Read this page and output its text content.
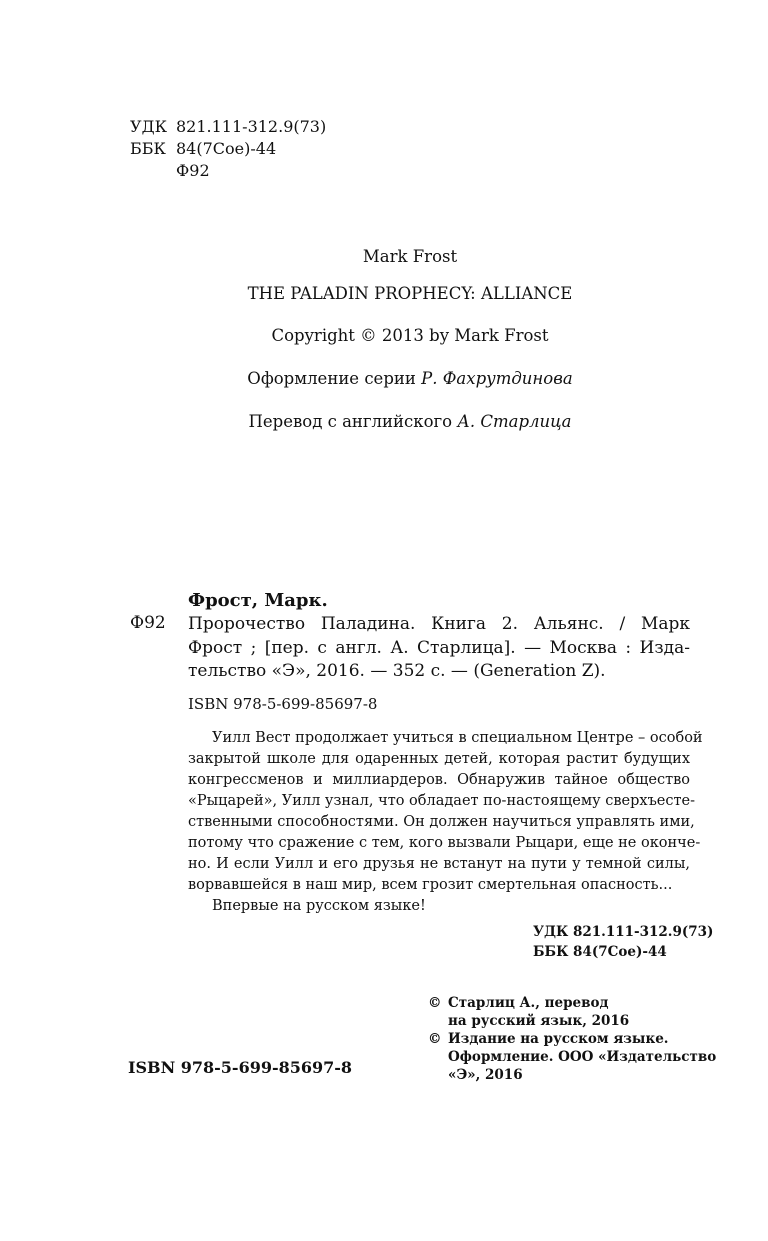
УДК 821.111-312.9(73)
ББК 84(7Сое)-44
Ф92
Mark Frost
THE PALADIN PROPHECY: ALLIANCE
Copyright © 2013 by Mark Frost
Оформление серии Р. Фахрутдинова
Перевод с английского А. Старлица
Фрост, Марк.
Ф92 Пророчество Паладина. Книга 2. Альянс. / Марк
Фрост ; [пер. с англ. А. Старлица]. — Москва : Изда-
тельство «Э», 2016. — 352 с. — (Generation Z).
ISBN 978-5-699-85697-8
Уилл Вест продолжает учиться в специальном Центре – особой
закрытой школе для одаренных детей, которая растит будущих
конгрессменов и миллиардеров. Обнаружив тайное общество
«Рыцарей», Уилл узнал, что обладает по-настоящему сверхъесте-
ственными способностями. Он должен научиться управлять ими,
потому что сражение с тем, кого вызвали Рыцари, еще не оконче-
но. И если Уилл и его друзья не встанут на пути у темной силы,
ворвавшейся в наш мир, всем грозит смертельная опасность...
Впервые на русском языке!
УДК 821.111-312.9(73)
ББК 84(7Сое)-44
© Старлиц А., перевод
на русский язык, 2016
© Издание на русском языке.
Оформление. ООО «Издательство
«Э», 2016
ISBN 978-5-699-85697-8
